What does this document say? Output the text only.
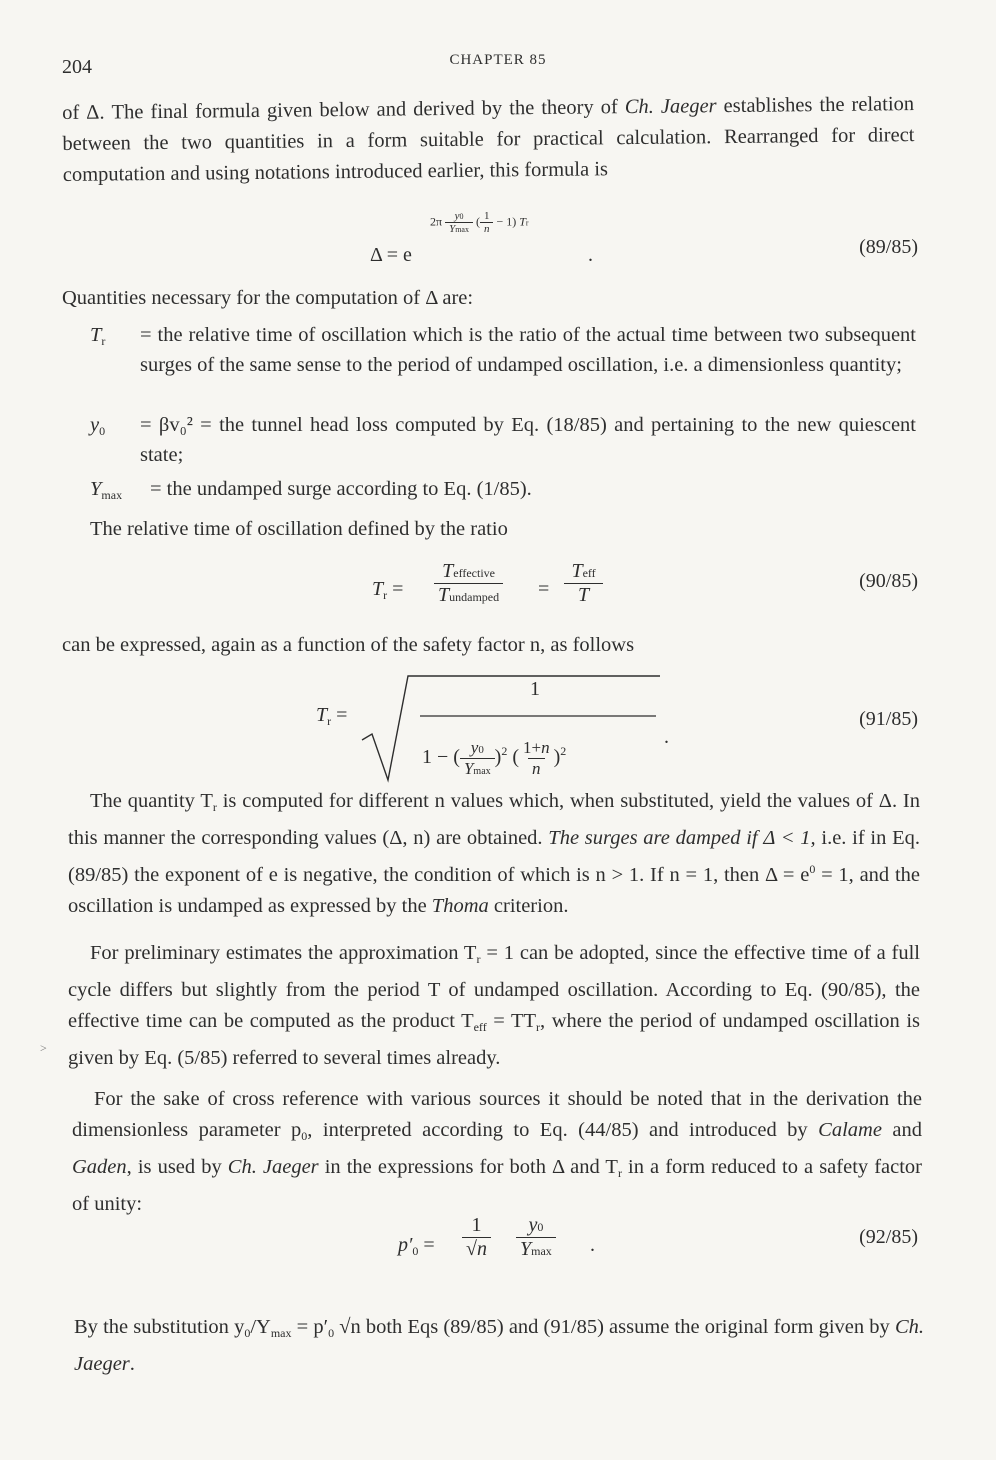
204	CHAPTER 85
of Δ. The final formula given below and derived by the theory of Ch. Jaeger establishes the relation between the two quantities in a form suitable for practical calculation. Rearranged for direct computation and using notations introduced earlier, this formula is
$2\pi \frac{y0}{Ymax}$ ( $\frac{1}{n} - 1$) Tr
Δ = e	.	(89/85)
Quantities necessary for the computation of Δ are:
$T_r$ = the relative time of oscillation which is the ratio of the actual time between two subsequent surges of the same sense to the period of undamped oscillation, i.e. a dimensionless quantity;
$y_0 = \beta v_0^2$ = the tunnel head loss computed by Eq. (18/85) and pertaining to the new quiescent state;
$Y_{max}$ = the undamped surge according to Eq. (1/85).
The relative time of oscillation defined by the ratio
$T_r$ =
Teffective
Tundamped =
Teff
T
(90/85)
can be expressed, again as a function of the safety factor n, as follows
$T_r$ =
1
1 − ( $\frac{y0}{Ymax} )^2$ ( $\frac{1+n}{n} )^2$
.
(91/85)
The quantity $T_r$ is computed for different n values which, when substituted, yield the values of Δ. In this manner the corresponding values (Δ, n) are obtained. The surges are damped if Δ < 1, i.e. if in Eq. (89/85) the exponent of e is negative, the condition of which is n > 1. If n = 1, then $\Delta = e^0 = 1$, and the oscillation is undamped as expressed by the Thoma criterion.
For preliminary estimates the approximation $T_r = 1$ can be adopted, since the effective time of a full cycle differs but slightly from the period T of undamped oscillation. According to Eq. (90/85), the effective time can be computed as the product $T_{eff} = TT_r$, where the period of undamped oscillation is given by Eq. (5/85) referred to several times already.
>
For the sake of cross reference with various sources it should be noted that in the derivation the dimensionless parameter $p_0$, interpreted according to Eq. (44/85) and introduced by Calame and Gaden, is used by Ch. Jaeger in the expressions for both Δ and $T_r$ in a form reduced to a safety factor of unity:
$p'_0 = \frac{1}{√n} y0$
Ymax .	(92/85)
By the substitution $y_0/Y_{max} = p'_0$ √n both Eqs (89/85) and (91/85) assume the original form given by Ch. Jaeger.
